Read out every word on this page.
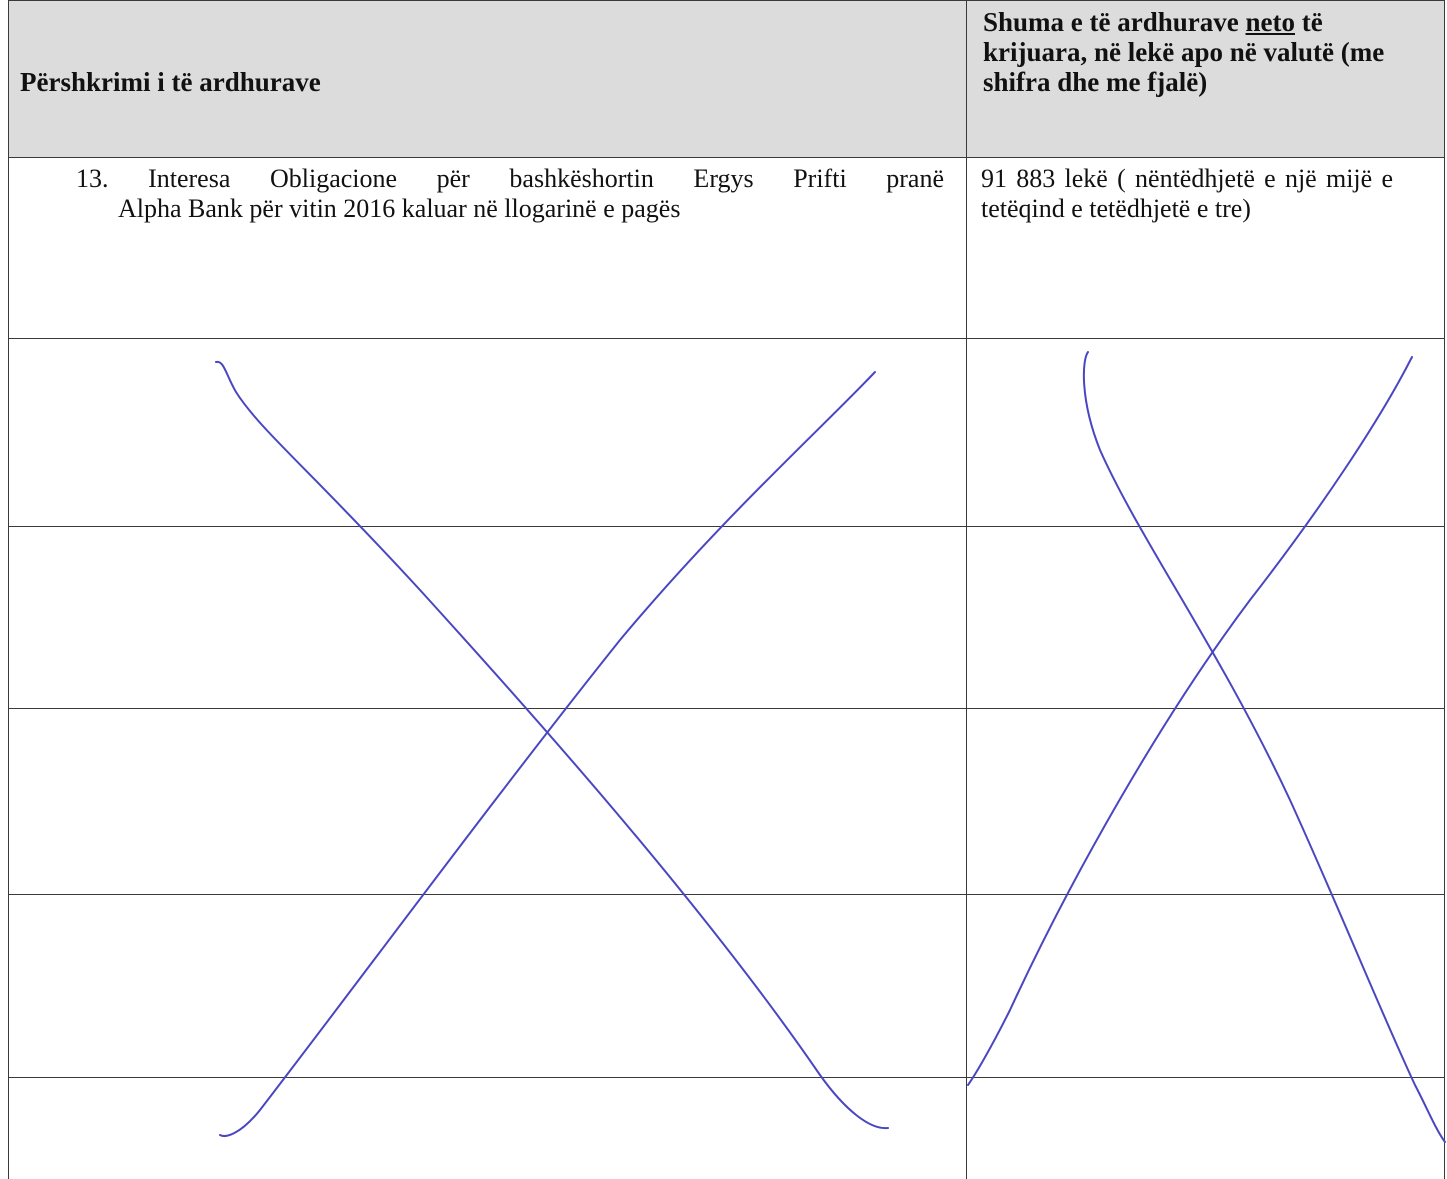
Përshkrimi i të ardhurave
Shuma e të ardhurave neto të krijuara, në lekë apo në valutë (me shifra dhe me fjalë)
13. Interesa Obligacione për bashkëshortin Ergys Prifti pranë
Alpha Bank për vitin 2016 kaluar në llogarinë e pagës
91 883 lekë ( nëntëdhjetë e një mijë e tetëqind e tetëdhjetë e tre)
